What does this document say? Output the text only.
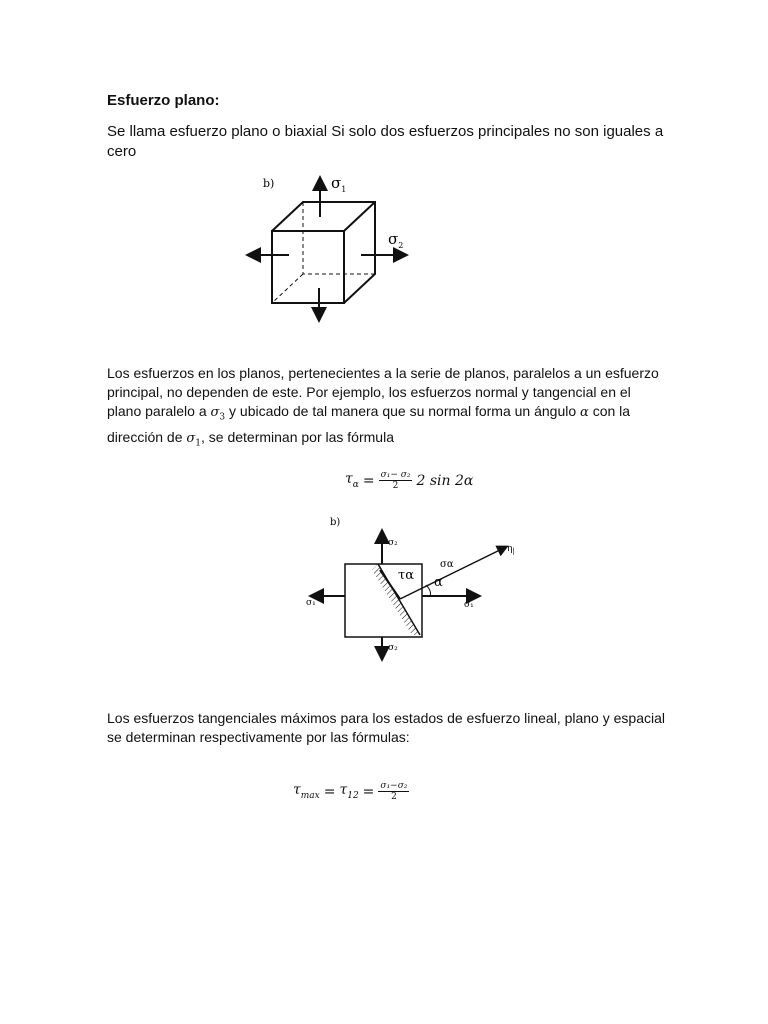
Esfuerzo plano:
Se llama esfuerzo plano o biaxial Si solo dos esfuerzos principales no son iguales a cero
b)	$\sigma_1$
$\sigma_2$
Los esfuerzos en los planos, pertenecientes a la serie de planos, paralelos a un esfuerzo principal, no dependen de este. Por ejemplo, los esfuerzos normal y tangencial en el plano paralelo a $\sigma_3$ y ubicado de tal manera que su normal forma un ángulo α con la dirección de $\sigma_1$, se determinan por las fórmula
$\tau_\alpha = \frac{\text{σ₁− σ₂}}{2} 2$ sin 2α
b)
σ₂
σ₂
σ₁	σ₁
σα
τα α
$\eta_|$
Los esfuerzos tangenciales máximos para los estados de esfuerzo lineal, plano y espacial se determinan respectivamente por las fórmulas:
$\tau_{max} = \tau_{12} = \frac{\text{σ₁−σ₂}}{2}$
